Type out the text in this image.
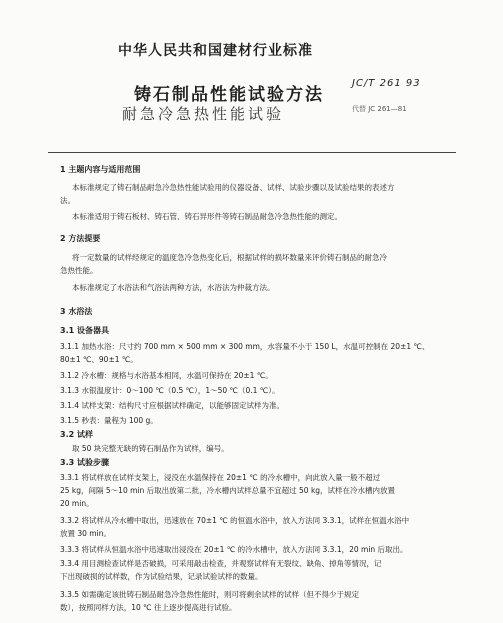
中华人民共和国建材行业标准
铸石制品性能试验方法
耐急冷急热性能试验
JC/T 261 93
代替 JC 261—81
1 主题内容与适用范围
本标准规定了铸石制品耐急冷急热性能试验用的仪器设备、试样、试验步骤以及试验结果的表述方
法。
本标准适用于铸石板材、铸石管、铸石异形件等铸石制品耐急冷急热性能的测定。
2 方法提要
将一定数量的试样经规定的温度急冷急热变化后，根据试样的损坏数量来评价铸石制品的耐急冷
急热性能。
本标准规定了水浴法和气浴法两种方法，水浴法为仲裁方法。
3 水浴法
3.1 设备器具
3.1.1 加热水浴：尺寸约 700 mm × 500 mm × 300 mm，水容量不小于 150 L，水温可控制在 20±1 ℃、
80±1 ℃、90±1 ℃。
3.1.2 冷水槽：规格与水浴基本相同，水温可保持在 20±1 ℃。
3.1.3 水银温度计：0～100 ℃（0.5 ℃），1～50 ℃（0.1 ℃）。
3.1.4 试样支架：结构尺寸应根据试样确定，以能够固定试样为准。
3.1.5 秒表：量程为 100 g。
3.2 试样
取 50 块完整无缺的铸石制品作为试样，编号。
3.3 试验步骤
3.3.1 将试样放在试样支架上，浸没在水温保持在 20±1 ℃ 的冷水槽中，向此放入量一般不超过
25 kg，间隔 5～10 min 后取出放第二批，冷水槽内试样总量不宜超过 50 kg，试样在冷水槽内放置
20 min。
3.3.2 将试样从冷水槽中取出，迅速放在 70±1 ℃ 的恒温水浴中，放入方法同 3.3.1，试样在恒温水浴中
放置 30 min。
3.3.3 将试样从恒温水浴中迅速取出浸没在 20±1 ℃ 的冷水槽中，放入方法同 3.3.1，20 min 后取出。
3.3.4 用目测检查试样是否破损，可采用敲击检查，并观察试样有无裂纹、缺角、掉角等情况，记
下出现破损的试样数，作为试验结果，记录试验试样的数量。
3.3.5 如需确定该批铸石制品耐急冷急热性能时，则可将剩余试样的试样（但不得少于规定
数），按照同样方法，10 ℃ 往上逐步提高进行试验。
